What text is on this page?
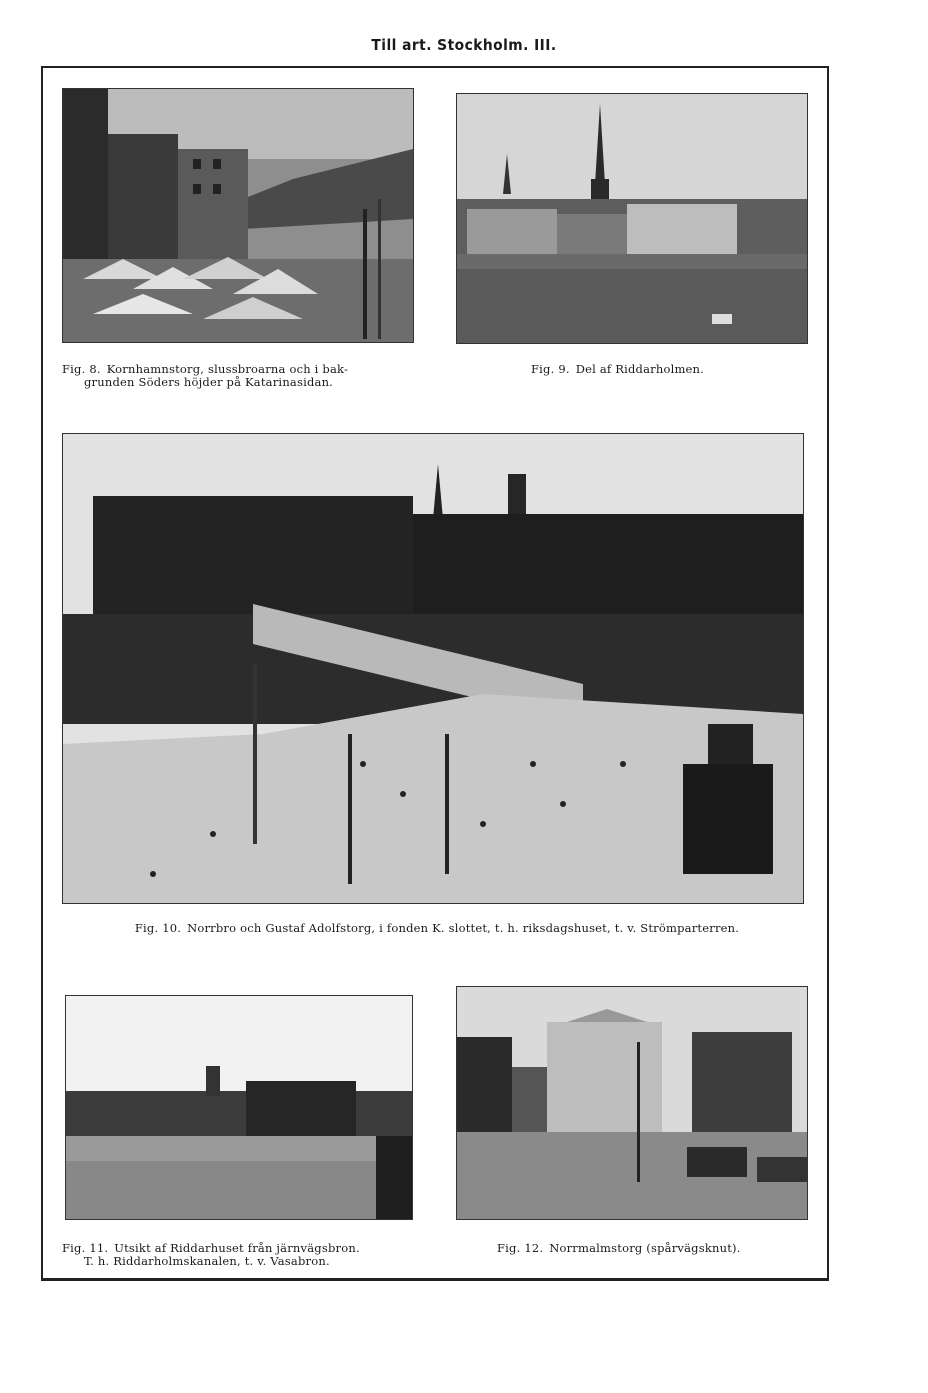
Till art. Stockholm. III.
Fig. 8. Kornhamnstorg, slussbroarna och i bak-
grunden Söders höjder på Katarinasidan.
Fig. 9. Del af Riddarholmen.
Fig. 10. Norrbro och Gustaf Adolfstorg, i fonden K. slottet, t. h. riksdagshuset, t. v. Strömparterren.
Fig. 11. Utsikt af Riddarhuset från järnvägsbron.
T. h. Riddarholmskanalen, t. v. Vasabron.
Fig. 12. Norrmalmstorg (spårvägsknut).
